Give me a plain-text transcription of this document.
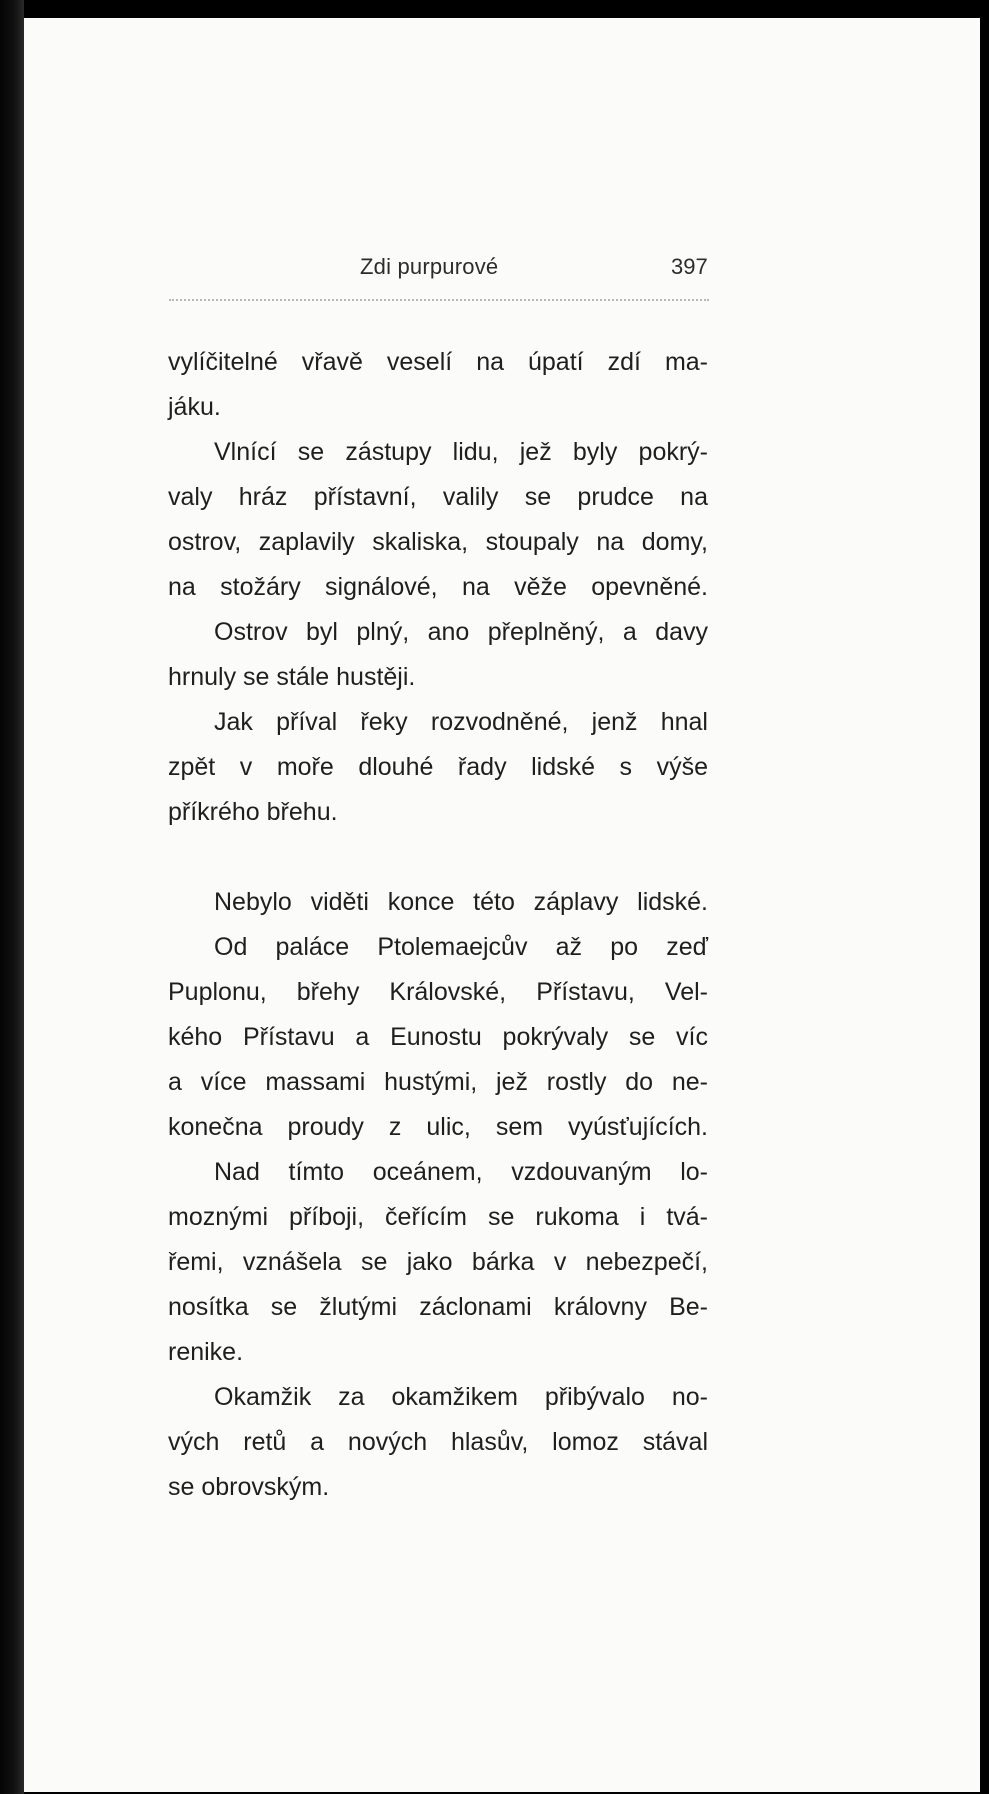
Zdi purpurové	397
vylíčitelné vřavě veselí na úpatí zdí ma-
jáku.
Vlnící se zástupy lidu, jež byly pokrý-
valy hráz přístavní, valily se prudce na
ostrov, zaplavily skaliska, stoupaly na domy,
na stožáry signálové, na věže opevněné.
Ostrov byl plný, ano přeplněný, a davy
hrnuly se stále hustěji.
Jak příval řeky rozvodněné, jenž hnal
zpět v moře dlouhé řady lidské s výše
příkrého břehu.
Nebylo viděti konce této záplavy lidské.
Od paláce Ptolemaejcův až po zeď
Puplonu, břehy Královské, Přístavu, Vel-
kého Přístavu a Eunostu pokrývaly se víc
a více massami hustými, jež rostly do ne-
konečna proudy z ulic, sem vyúsťujících.
Nad tímto oceánem, vzdouvaným lo-
moznými příboji, čeřícím se rukoma i tvá-
řemi, vznášela se jako bárka v nebezpečí,
nosítka se žlutými záclonami královny Be-
renike.
Okamžik za okamžikem přibývalo no-
vých retů a nových hlasův, lomoz stával
se obrovským.
